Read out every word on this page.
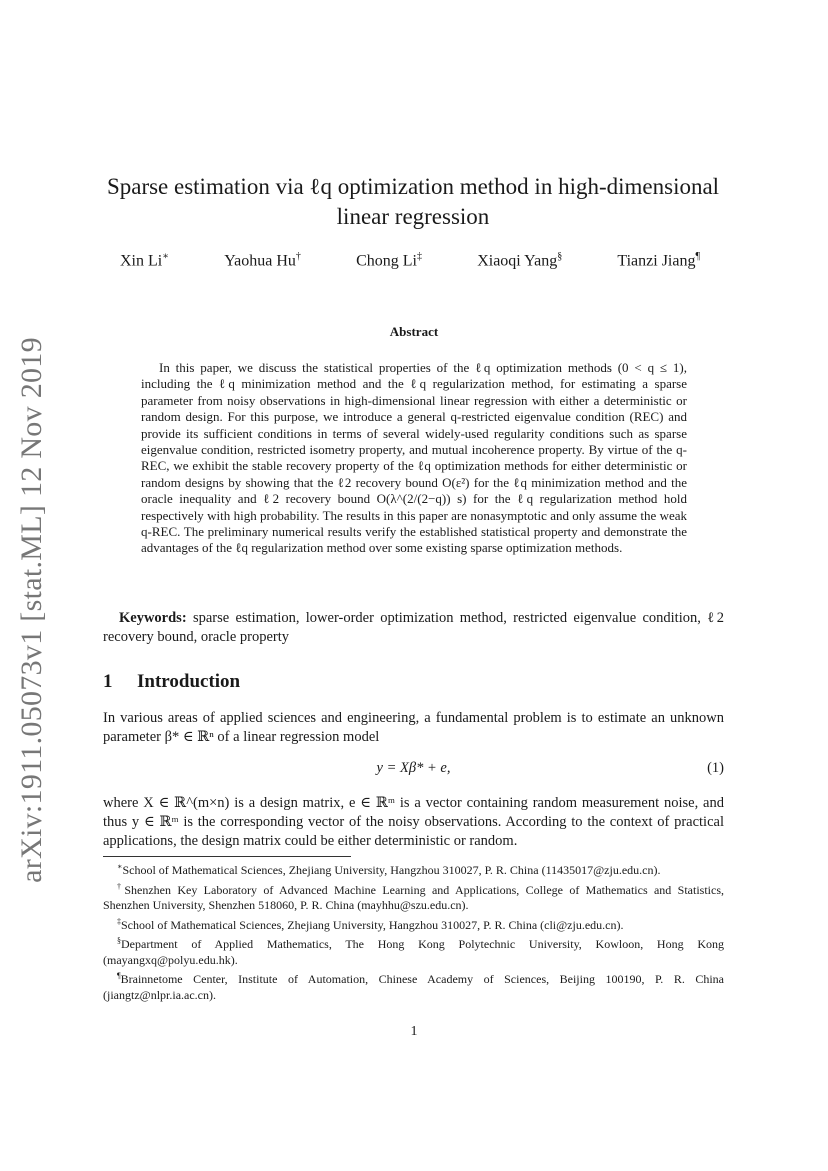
arXiv:1911.05073v1 [stat.ML] 12 Nov 2019
Sparse estimation via ℓq optimization method in high-dimensional linear regression
Xin Li∗	Yaohua Hu†	Chong Li‡	Xiaoqi Yang§	Tianzi Jiang¶
Abstract

In this paper, we discuss the statistical properties of the ℓq optimization methods (0 < q ≤ 1), including the ℓq minimization method and the ℓq regularization method, for estimating a sparse parameter from noisy observations in high-dimensional linear regression with either a deterministic or random design. For this purpose, we introduce a general q-restricted eigenvalue condition (REC) and provide its sufficient conditions in terms of several widely-used regularity conditions such as sparse eigenvalue condition, restricted isometry property, and mutual incoherence property. By virtue of the q-REC, we exhibit the stable recovery property of the ℓq optimization methods for either deterministic or random designs by showing that the ℓ2 recovery bound O(ε²) for the ℓq minimization method and the oracle inequality and ℓ2 recovery bound O(λ^(2/(2−q)) s) for the ℓq regularization method hold respectively with high probability. The results in this paper are nonasymptotic and only assume the weak q-REC. The preliminary numerical results verify the established statistical property and demonstrate the advantages of the ℓq regularization method over some existing sparse optimization methods.

Keywords: sparse estimation, lower-order optimization method, restricted eigenvalue condition, ℓ2 recovery bound, oracle property

1 Introduction

In various areas of applied sciences and engineering, a fundamental problem is to estimate an unknown parameter β* ∈ ℝⁿ of a linear regression model

y = Xβ* + e,	(1)

where X ∈ ℝ^(m×n) is a design matrix, e ∈ ℝᵐ is a vector containing random measurement noise, and thus y ∈ ℝᵐ is the corresponding vector of the noisy observations. According to the context of practical applications, the design matrix could be either deterministic or random.

∗School of Mathematical Sciences, Zhejiang University, Hangzhou 310027, P. R. China (11435017@zju.edu.cn).

†Shenzhen Key Laboratory of Advanced Machine Learning and Applications, College of Mathematics and Statistics, Shenzhen University, Shenzhen 518060, P. R. China (mayhhu@szu.edu.cn).

‡School of Mathematical Sciences, Zhejiang University, Hangzhou 310027, P. R. China (cli@zju.edu.cn).

§Department of Applied Mathematics, The Hong Kong Polytechnic University, Kowloon, Hong Kong (mayangxq@polyu.edu.hk).

¶Brainnetome Center, Institute of Automation, Chinese Academy of Sciences, Beijing 100190, P. R. China (jiangtz@nlpr.ia.ac.cn).

1
